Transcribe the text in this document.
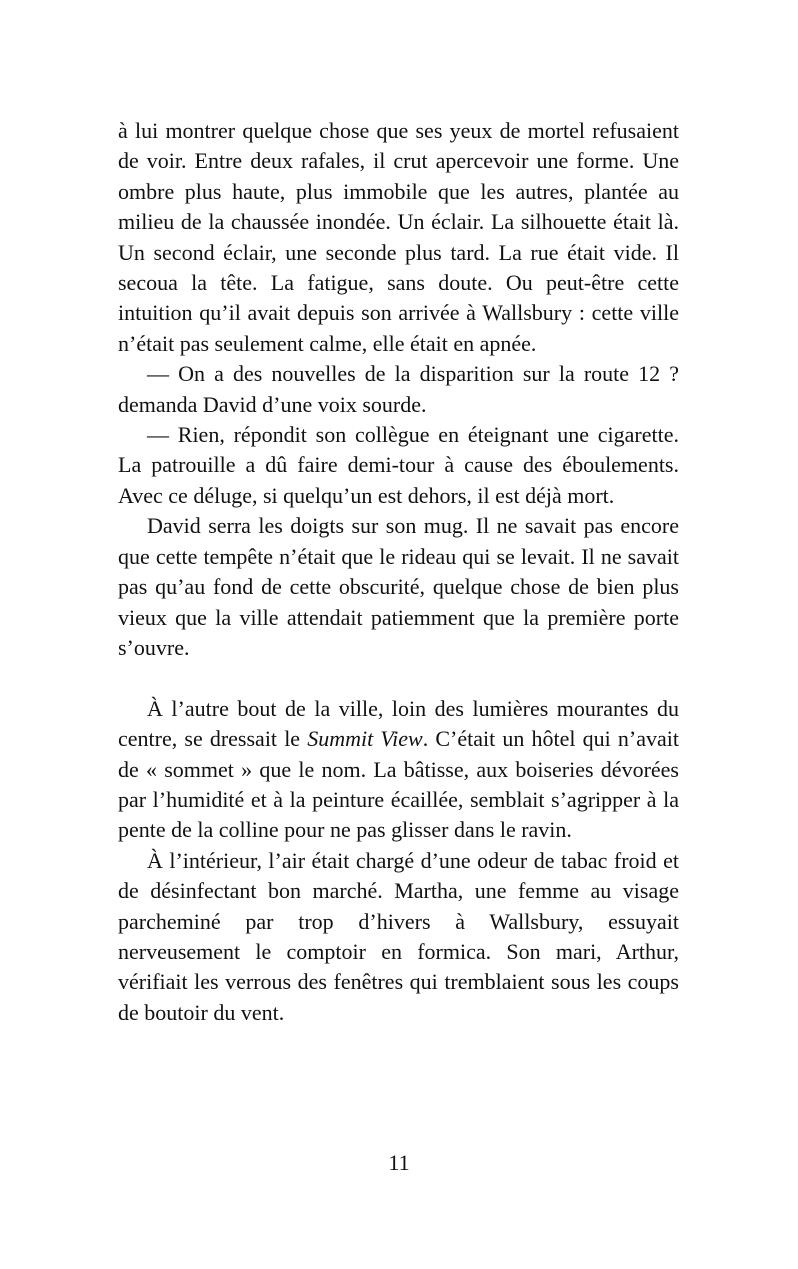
à lui montrer quelque chose que ses yeux de mortel refusaient de voir. Entre deux rafales, il crut apercevoir une forme. Une ombre plus haute, plus immobile que les autres, plantée au milieu de la chaussée inondée. Un éclair. La silhouette était là. Un second éclair, une seconde plus tard. La rue était vide. Il secoua la tête. La fatigue, sans doute. Ou peut-être cette intuition qu’il avait depuis son arrivée à Wallsbury : cette ville n’était pas seulement calme, elle était en apnée.

— On a des nouvelles de la disparition sur la route 12 ? demanda David d’une voix sourde.

— Rien, répondit son collègue en éteignant une cigarette. La patrouille a dû faire demi-tour à cause des éboulements. Avec ce déluge, si quelqu’un est dehors, il est déjà mort.

David serra les doigts sur son mug. Il ne savait pas encore que cette tempête n’était que le rideau qui se levait. Il ne savait pas qu’au fond de cette obscurité, quelque chose de bien plus vieux que la ville attendait patiemment que la première porte s’ouvre.

À l’autre bout de la ville, loin des lumières mourantes du centre, se dressait le Summit View. C’était un hôtel qui n’avait de « sommet » que le nom. La bâtisse, aux boiseries dévorées par l’humidité et à la peinture écaillée, semblait s’agripper à la pente de la colline pour ne pas glisser dans le ravin.

À l’intérieur, l’air était chargé d’une odeur de tabac froid et de désinfectant bon marché. Martha, une femme au visage parcheminé par trop d’hivers à Wallsbury, essuyait nerveusement le comptoir en formica. Son mari, Arthur, vérifiait les verrous des fenêtres qui tremblaient sous les coups de boutoir du vent.

11
